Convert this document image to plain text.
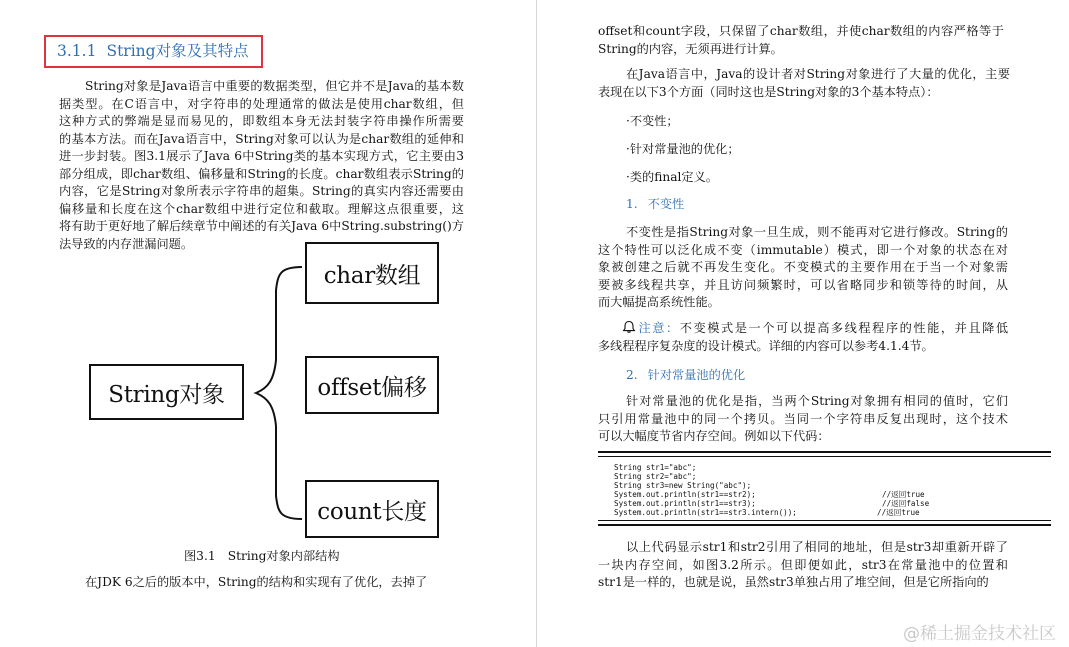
3.1.1 String对象及其特点

String对象是Java语言中重要的数据类型，但它并不是Java的基本数
据类型。在C语言中，对字符串的处理通常的做法是使用char数组，但
这种方式的弊端是显而易见的，即数组本身无法封装字符串操作所需要
的基本方法。而在Java语言中，String对象可以认为是char数组的延伸和
进一步封装。图3.1展示了Java 6中String类的基本实现方式，它主要由3
部分组成，即char数组、偏移量和String的长度。char数组表示String的
内容，它是String对象所表示字符串的超集。String的真实内容还需要由
偏移量和长度在这个char数组中进行定位和截取。理解这点很重要，这
将有助于更好地了解后续章节中阐述的有关Java 6中String.substring()方
法导致的内存泄漏问题。

String对象
char数组
offset偏移
count长度
图3.1　String对象内部结构

在JDK 6之后的版本中，String的结构和实现有了优化，去掉了

offset和count字段，只保留了char数组，并使char数组的内容严格等于
String的内容，无须再进行计算。

在Java语言中，Java的设计者对String对象进行了大量的优化，主要
表现在以下3个方面（同时这也是String对象的3个基本特点）：

·不变性；
·针对常量池的优化；
·类的final定义。
1. 不变性

不变性是指String对象一旦生成，则不能再对它进行修改。String的
这个特性可以泛化成不变（immutable）模式，即一个对象的状态在对
象被创建之后就不再发生变化。不变模式的主要作用在于当一个对象需
要被多线程共享，并且访问频繁时，可以省略同步和锁等待的时间，从
而大幅提高系统性能。

注意：不变模式是一个可以提高多线程程序的性能，并且降低
多线程程序复杂度的设计模式。详细的内容可以参考4.1.4节。

2. 针对常量池的优化

针对常量池的优化是指，当两个String对象拥有相同的值时，它们
只引用常量池中的同一个拷贝。当同一个字符串反复出现时，这个技术
可以大幅度节省内存空间。例如以下代码：

String str1="abc";
String str2="abc";
String str3=new String("abc");
System.out.println(str1==str2);	//返回true
System.out.println(str1==str3);	//返回false
System.out.println(str1==str3.intern());	//返回true

以上代码显示str1和str2引用了相同的地址，但是str3却重新开辟了
一块内存空间，如图3.2所示。但即便如此，str3在常量池中的位置和
str1是一样的，也就是说，虽然str3单独占用了堆空间，但是它所指向的

@稀土掘金技术社区
